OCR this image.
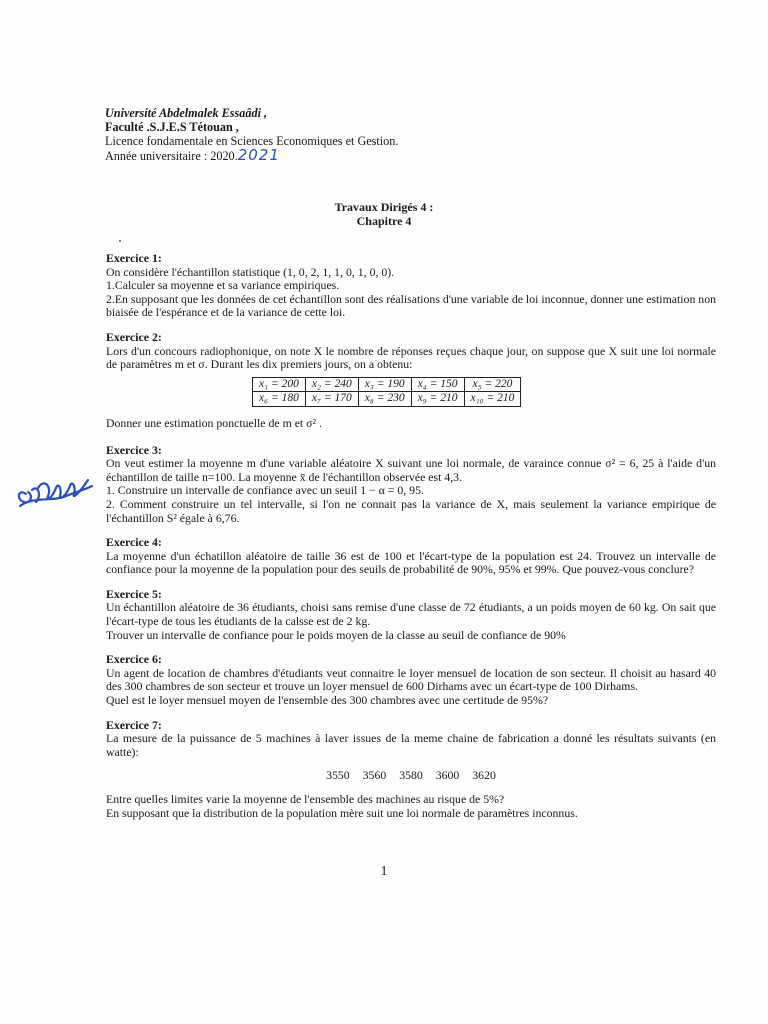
Université Abdelmalek Essaâdi ,
Faculté .S.J.E.S Tétouan ,
Licence fondamentale en Sciences Economiques et Gestion.
Année universitaire : 2020.2021
Travaux Dirigés 4 :
Chapitre 4
Exercice 1:
On considère l'échantillon statistique (1, 0, 2, 1, 1, 0, 1, 0, 0).
1.Calculer sa moyenne et sa variance empiriques.
2.En supposant que les données de cet échantillon sont des réalisations d'une variable de loi inconnue, donner une estimation non biaisée de l'espérance et de la variance de cette loi.
Exercice 2:
Lors d'un concours radiophonique, on note X le nombre de réponses reçues chaque jour, on suppose que X suit une loi normale de paramètres m et σ. Durant les dix premiers jours, on a obtenu:
x₁ = 200	x₂ = 240	x₃ = 190	x₄ = 150	x₅ = 220
x₆ = 180	x₇ = 170	x₈ = 230	x₉ = 210	x₁₀ = 210
Donner une estimation ponctuelle de m et σ² .
Exercice 3:
On veut estimer la moyenne m d'une variable aléatoire X suivant une loi normale, de varaince connue σ² = 6, 25 à l'aide d'un échantillon de taille n=100. La moyenne x̄ de l'échantillon observée est 4,3.
1. Construire un intervalle de confiance avec un seuil 1 − α = 0, 95.
2. Comment construire un tel intervalle, si l'on ne connait pas la variance de X, mais seulement la variance empirique de l'échantillon S² égale à 6,76.
Exercice 4:
La moyenne d'un échatillon aléatoire de taille 36 est de 100 et l'écart-type de la population est 24. Trouvez un intervalle de confiance pour la moyenne de la population pour des seuils de probabilité de 90%, 95% et 99%. Que pouvez-vous conclure?
Exercice 5:
Un échantillon aléatoire de 36 étudiants, choisi sans remise d'une classe de 72 étudiants, a un poids moyen de 60 kg. On sait que l'écart-type de tous les étudiants de la calsse est de 2 kg.
Trouver un intervalle de confiance pour le poids moyen de la classe au seuil de confiance de 90%
Exercice 6:
Un agent de location de chambres d'étudiants veut connaitre le loyer mensuel de location de son secteur. Il choisit au hasard 40 des 300 chambres de son secteur et trouve un loyer mensuel de 600 Dirhams avec un écart-type de 100 Dirhams.
Quel est le loyer mensuel moyen de l'ensemble des 300 chambres avec une certitude de 95%?
Exercice 7:
La mesure de la puissance de 5 machines à laver issues de la meme chaine de fabrication a donné les résultats suivants (en watte):
3550 3560 3580 3600 3620
Entre quelles limites varie la moyenne de l'ensemble des machines au risque de 5%?
En supposant que la distribution de la population mère suit une loi normale de paramètres inconnus.
1
